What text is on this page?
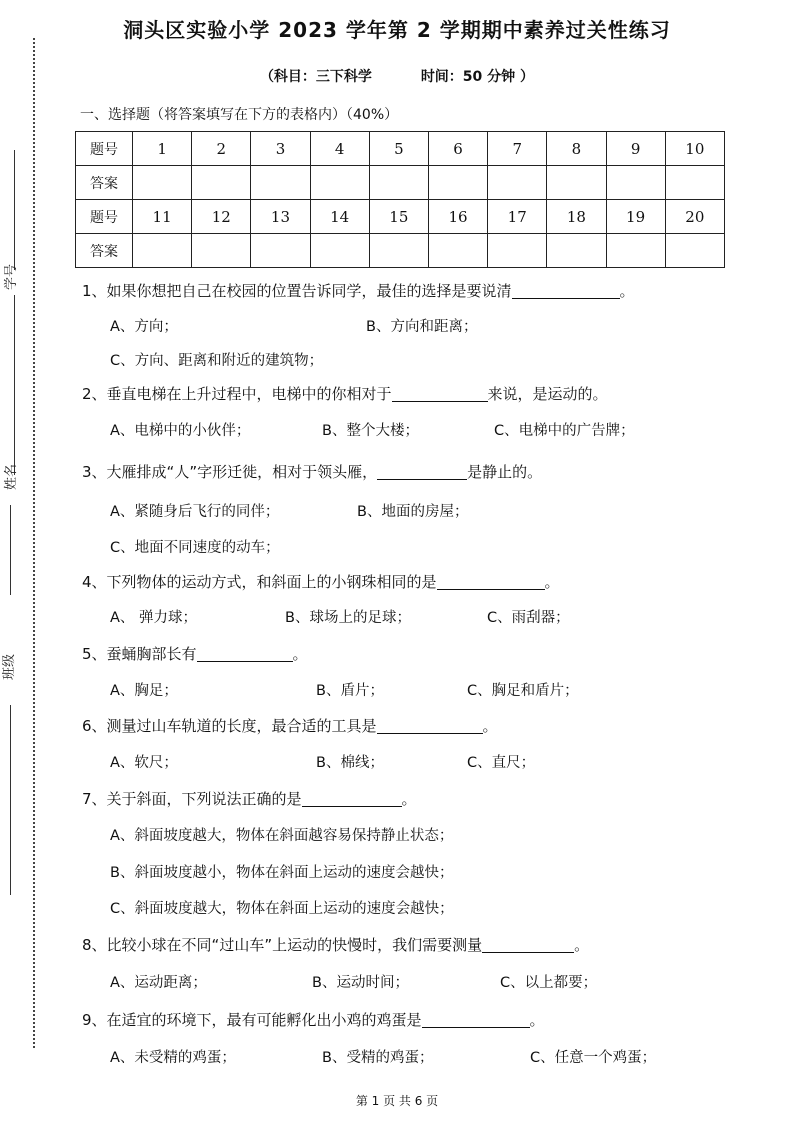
学号
姓名
班级
洞头区实验小学 2023 学年第 2 学期期中素养过关性练习
（科目：三下科学	时间：50 分钟 ）
一、选择题（将答案填写在下方的表格内）（40%）
题号	1	2	3	4	5	6	7	8	9	10
答案										
题号	11	12	13	14	15	16	17	18	19	20
答案										
1、如果你想把自己在校园的位置告诉同学，最佳的选择是要说清	。
A、方向；	B、方向和距离；
C、方向、距离和附近的建筑物；
2、垂直电梯在上升过程中，电梯中的你相对于	来说，是运动的。
A、电梯中的小伙伴；	B、整个大楼；	C、电梯中的广告牌；
3、大雁排成“人”字形迁徙，相对于领头雁，	是静止的。
A、紧随身后飞行的同伴；	B、地面的房屋；
C、地面不同速度的动车；
4、下列物体的运动方式，和斜面上的小钢珠相同的是	。
A、 弹力球；	B、球场上的足球；	C、雨刮器；
5、蚕蛹胸部长有	。
A、胸足；	B、盾片；	C、胸足和盾片；
6、测量过山车轨道的长度，最合适的工具是	。
A、软尺；	B、棉线；	C、直尺；
7、关于斜面，下列说法正确的是	。
A、斜面坡度越大，物体在斜面越容易保持静止状态；
B、斜面坡度越小，物体在斜面上运动的速度会越快；
C、斜面坡度越大，物体在斜面上运动的速度会越快；
8、比较小球在不同“过山车”上运动的快慢时，我们需要测量	。
A、运动距离；	B、运动时间；	C、以上都要；
9、在适宜的环境下，最有可能孵化出小鸡的鸡蛋是	。
A、未受精的鸡蛋；	B、受精的鸡蛋；	C、任意一个鸡蛋；
第 1 页 共 6 页
